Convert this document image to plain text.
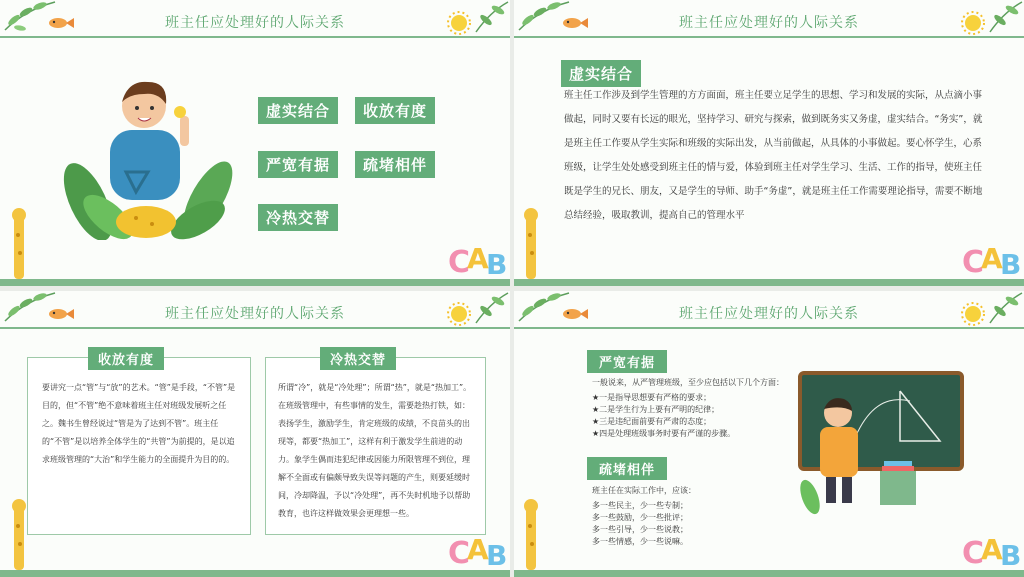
班主任应处理好的人际关系
虚实结合	收放有度
严宽有据	疏堵相伴
冷热交替
C
A
B
班主任应处理好的人际关系
虚实结合

班主任工作涉及到学生管理的方方面面，班主任要立足学生的思想、学习和发展的实际，从点滴小事做起，同时又要有长远的眼光，坚持学习、研究与探索，做到既务实又务虚，虚实结合。“务实”，就是班主任工作要从学生实际和班级的实际出发，从当前做起，从具体的小事做起。要心怀学生，心系班级，让学生处处感受到班主任的情与爱，体验到班主任对学生学习、生活、工作的指导，使班主任既是学生的兄长、朋友，又是学生的导师、助手“务虚”，就是班主任工作需要理论指导，需要不断地总结经验，吸取教训，提高自己的管理水平

C
A
B
班主任应处理好的人际关系
收放有度

要讲究一点“管”与“放”的艺术。“管”是手段，“不管”是目的，但“不管”绝不意味着班主任对班级发展听之任之。魏书生曾经说过“管是为了达到不管”。班主任的“不管”是以培养全体学生的“共管”为前提的，是以追求班级管理的“大治”和学生能力的全面提升为目的的。

冷热交替

所谓“冷”，就是“冷处理”；所谓“热”，就是“热加工”。在班级管理中，有些事情的发生，需要趁热打铁，如：表扬学生，激励学生，肯定班级的成绩，不良苗头的出现等，都要“热加工”，这样有利于激发学生前进的动力。象学生偶而违犯纪律或因能力所限管理不到位，理解不全面或有偏颇导致失误等问题的产生，则要延缓时间，冷却降温，予以“冷处理”，再不失时机地予以帮助教育，也许这样做效果会更理想一些。

C
A
B
班主任应处理好的人际关系
严宽有据

一般说来，从严管理班级，至少应包括以下几个方面：

★一是指导思想要有严格的要求；
★二是学生行为上要有严明的纪律；
★三是违纪面前要有严肃的态度；
★四是处理班级事务时要有严谨的步骤。
疏堵相伴

班主任在实际工作中，应该：

多一些民主，少一些专制；
多一些鼓励，少一些批评；
多一些引导，少一些说教；
多一些情感，少一些说嘛。	C
A
B
